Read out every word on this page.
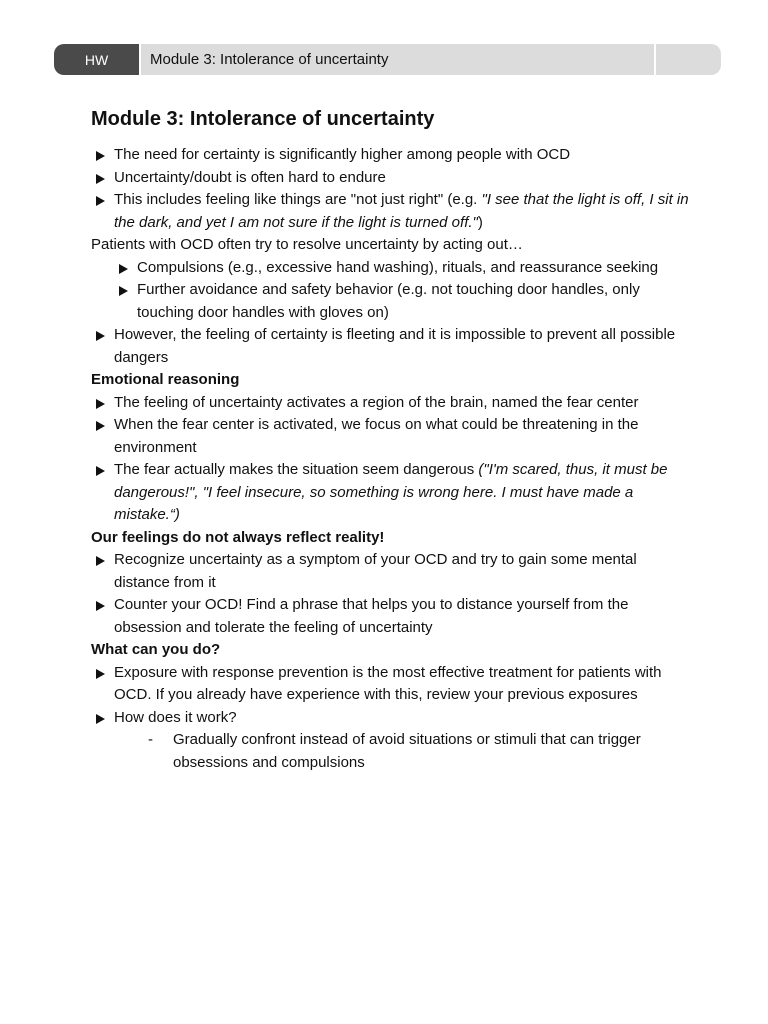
HW	Module 3: Intolerance of uncertainty
Module 3: Intolerance of uncertainty
The need for certainty is significantly higher among people with OCD
Uncertainty/doubt is often hard to endure
This includes feeling like things are "not just right" (e.g. "I see that the light is off, I sit in the dark, and yet I am not sure if the light is turned off.")

Patients with OCD often try to resolve uncertainty by acting out…

Compulsions (e.g., excessive hand washing), rituals, and reassurance seeking
Further avoidance and safety behavior (e.g. not touching door handles, only touching door handles with gloves on)
However, the feeling of certainty is fleeting and it is impossible to prevent all possible dangers

Emotional reasoning

The feeling of uncertainty activates a region of the brain, named the fear center
When the fear center is activated, we focus on what could be threatening in the environment
The fear actually makes the situation seem dangerous ("I'm scared, thus, it must be dangerous!", "I feel insecure, so something is wrong here. I must have made a mistake.“)

Our feelings do not always reflect reality!

Recognize uncertainty as a symptom of your OCD and try to gain some mental distance from it
Counter your OCD! Find a phrase that helps you to distance yourself from the obsession and tolerate the feeling of uncertainty

What can you do?

Exposure with response prevention is the most effective treatment for patients with OCD. If you already have experience with this, review your previous exposures
How does it work?
- Gradually confront instead of avoid situations or stimuli that can trigger obsessions and compulsions
